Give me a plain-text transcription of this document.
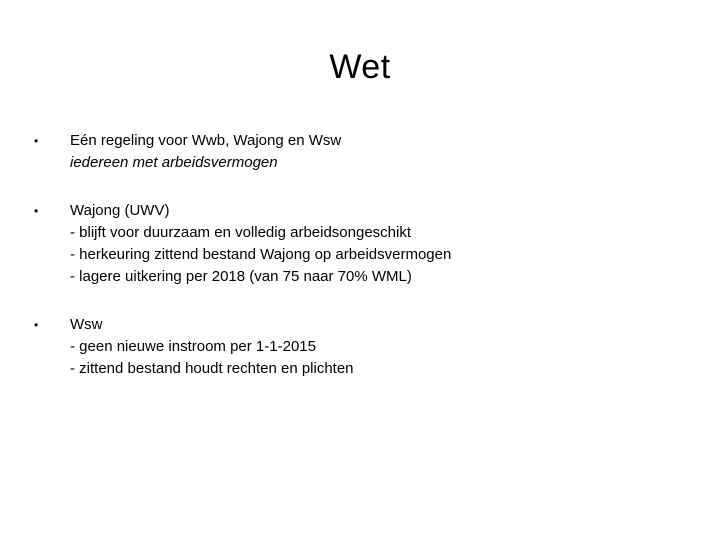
Wet
•	Eén regeling voor Wwb, Wajong en Wsw
iedereen met arbeidsvermogen
•	Wajong (UWV)
- blijft voor duurzaam en volledig arbeidsongeschikt
- herkeuring zittend bestand Wajong op arbeidsvermogen
- lagere uitkering per 2018 (van 75 naar 70% WML)
•	Wsw
- geen nieuwe instroom per 1-1-2015
- zittend bestand houdt rechten en plichten
